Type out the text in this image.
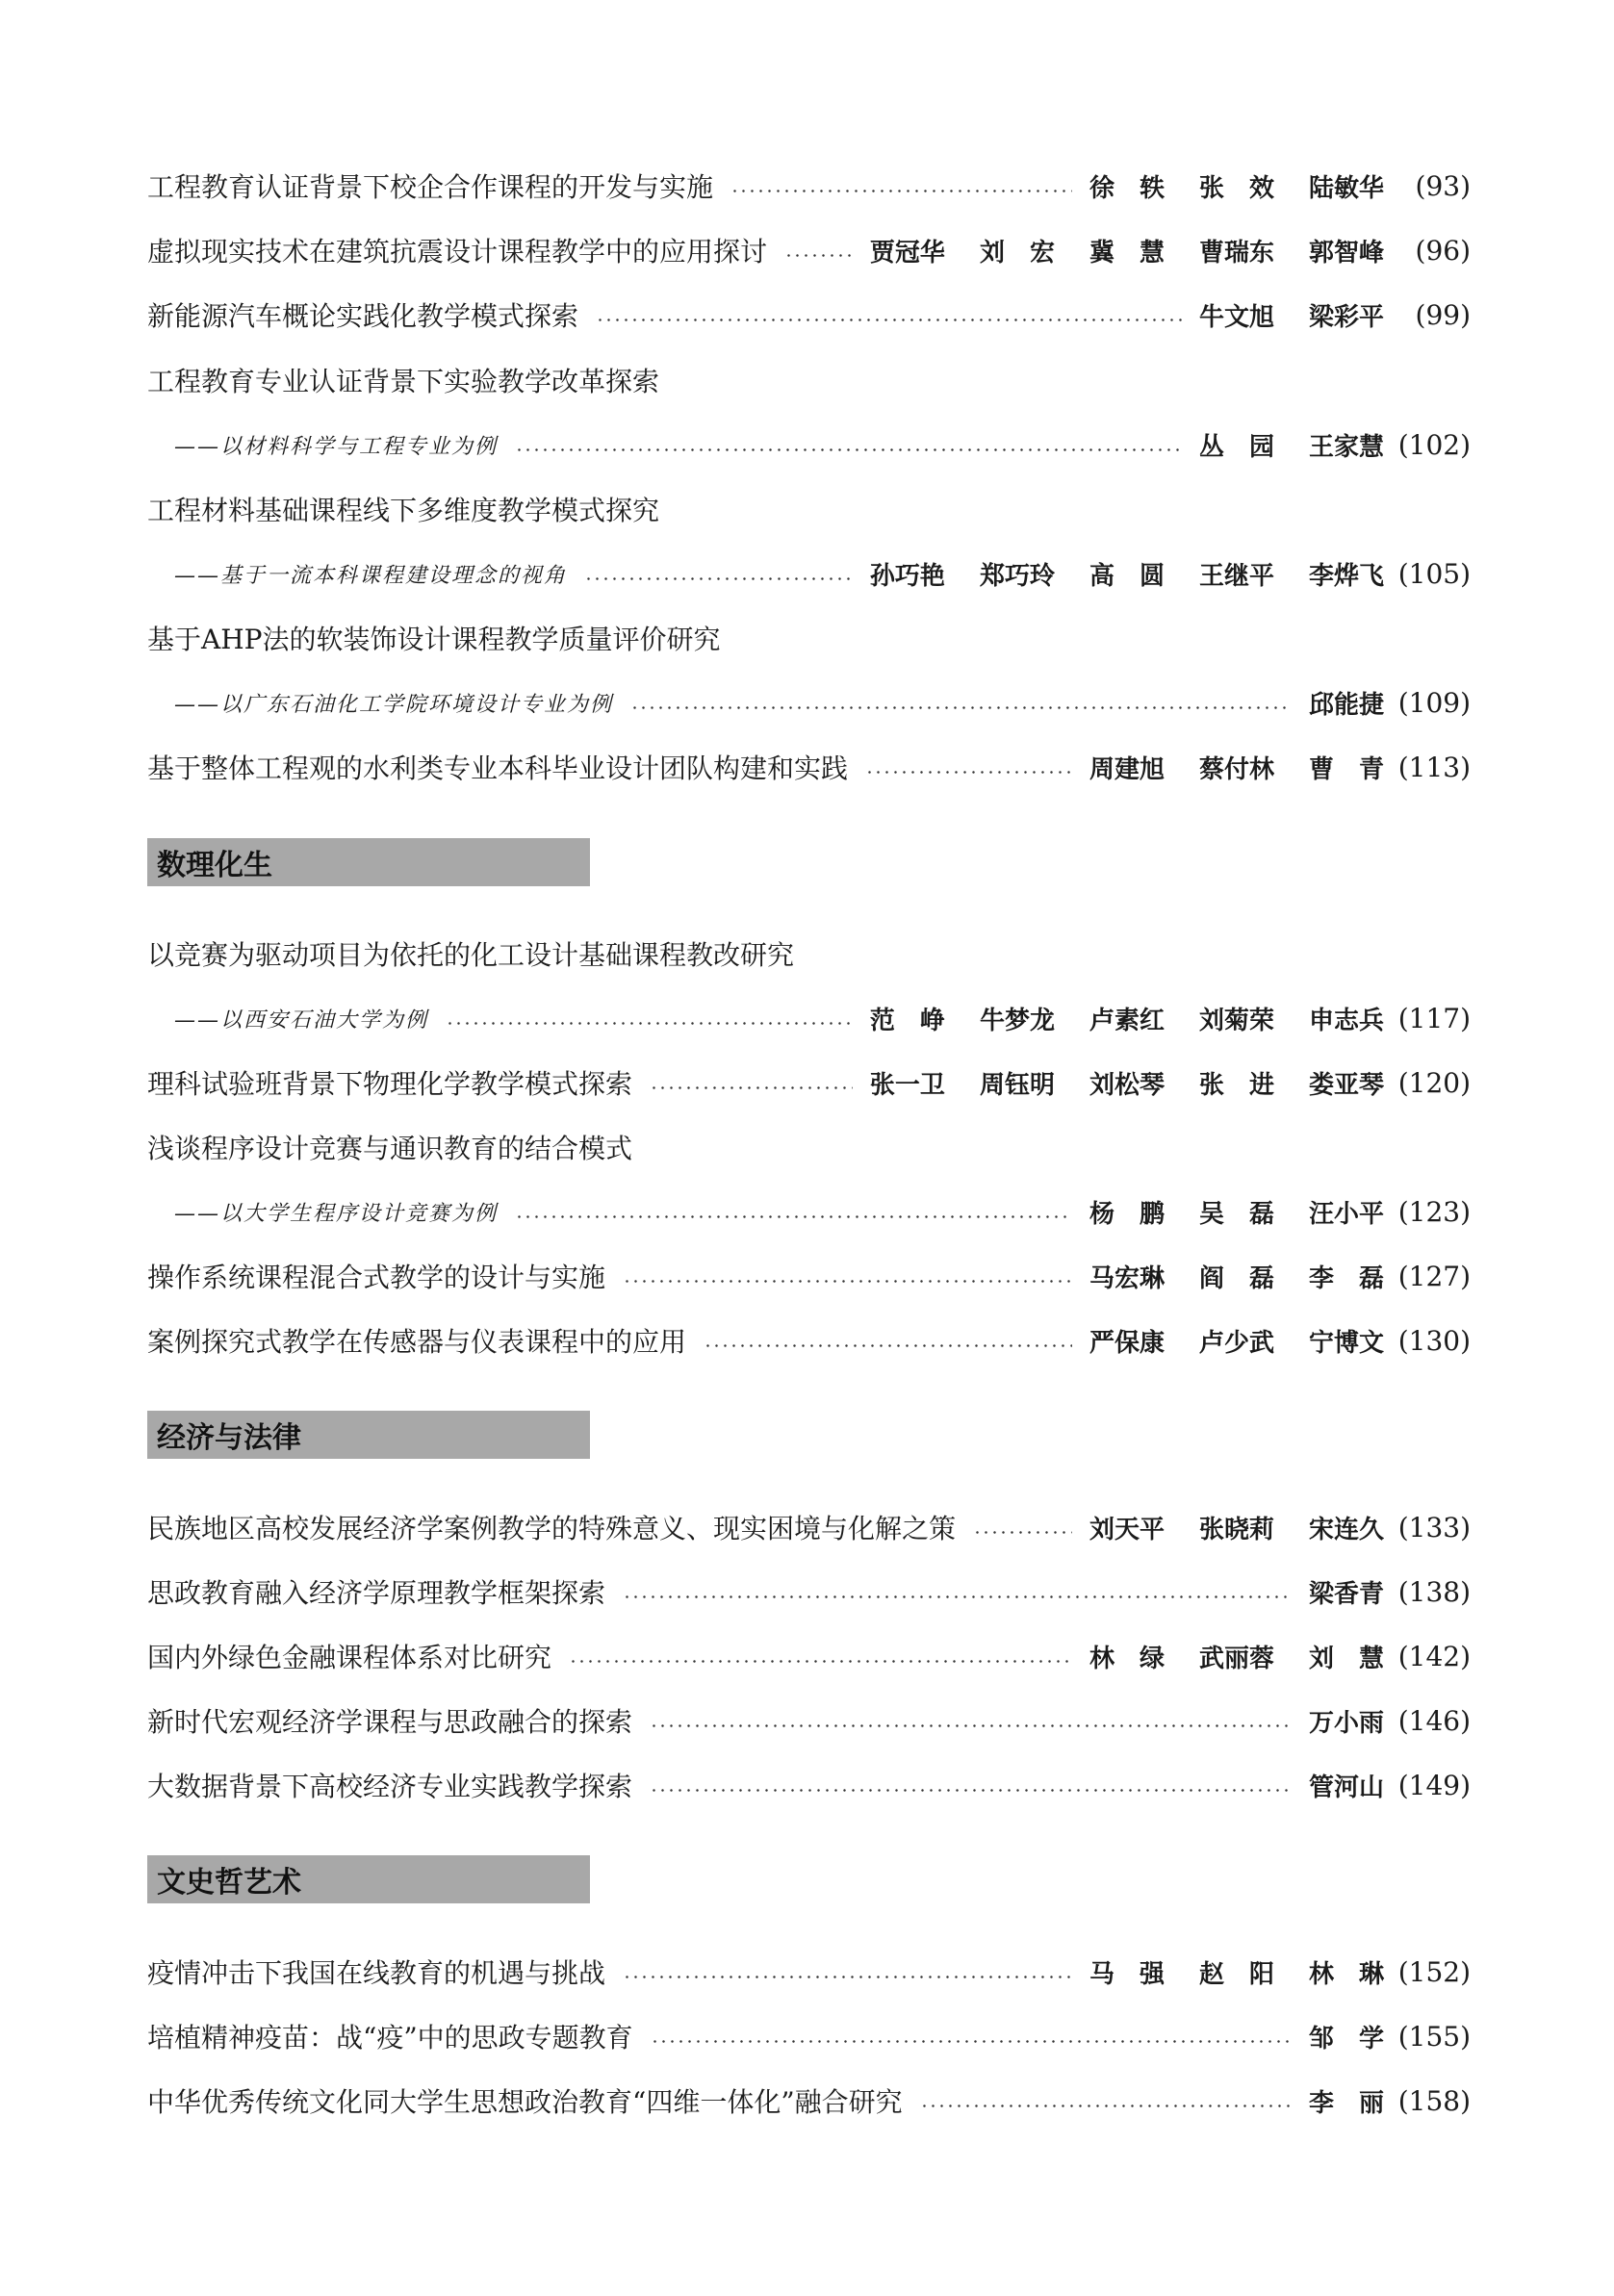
工程教育认证背景下校企合作课程的开发与实施	徐　轶 张　效 陆敏华	(93)
虚拟现实技术在建筑抗震设计课程教学中的应用探讨	贾冠华 刘　宏 冀　慧 曹瑞东 郭智峰	(96)
新能源汽车概论实践化教学模式探索	牛文旭 梁彩平	(99)
工程教育专业认证背景下实验教学改革探索
——以材料科学与工程专业为例	丛　园 王家慧 (102)
工程材料基础课程线下多维度教学模式探究
——基于一流本科课程建设理念的视角	孙巧艳 郑巧玲 高　圆 王继平 李烨飞 (105)
基于AHP法的软装饰设计课程教学质量评价研究
——以广东石油化工学院环境设计专业为例	邱能捷 (109)
基于整体工程观的水利类专业本科毕业设计团队构建和实践	周建旭 蔡付林 曹　青 (113)
数理化生
以竞赛为驱动项目为依托的化工设计基础课程教改研究
——以西安石油大学为例	范　峥 牛梦龙 卢素红 刘菊荣 申志兵 (117)
理科试验班背景下物理化学教学模式探索	张一卫 周钰明 刘松琴 张　进 娄亚琴 (120)
浅谈程序设计竞赛与通识教育的结合模式
——以大学生程序设计竞赛为例	杨　鹏 吴　磊 汪小平 (123)
操作系统课程混合式教学的设计与实施	马宏琳 阎　磊 李　磊 (127)
案例探究式教学在传感器与仪表课程中的应用	严保康 卢少武 宁博文 (130)
经济与法律
民族地区高校发展经济学案例教学的特殊意义、现实困境与化解之策	刘天平 张晓莉 宋连久 (133)
思政教育融入经济学原理教学框架探索	梁香青 (138)
国内外绿色金融课程体系对比研究	林　绿 武丽蓉 刘　慧 (142)
新时代宏观经济学课程与思政融合的探索	万小雨 (146)
大数据背景下高校经济专业实践教学探索	管河山 (149)
文史哲艺术
疫情冲击下我国在线教育的机遇与挑战	马　强 赵　阳 林　琳 (152)
培植精神疫苗：战“疫”中的思政专题教育	邹　学 (155)
中华优秀传统文化同大学生思想政治教育“四维一体化”融合研究	李　丽 (158)
